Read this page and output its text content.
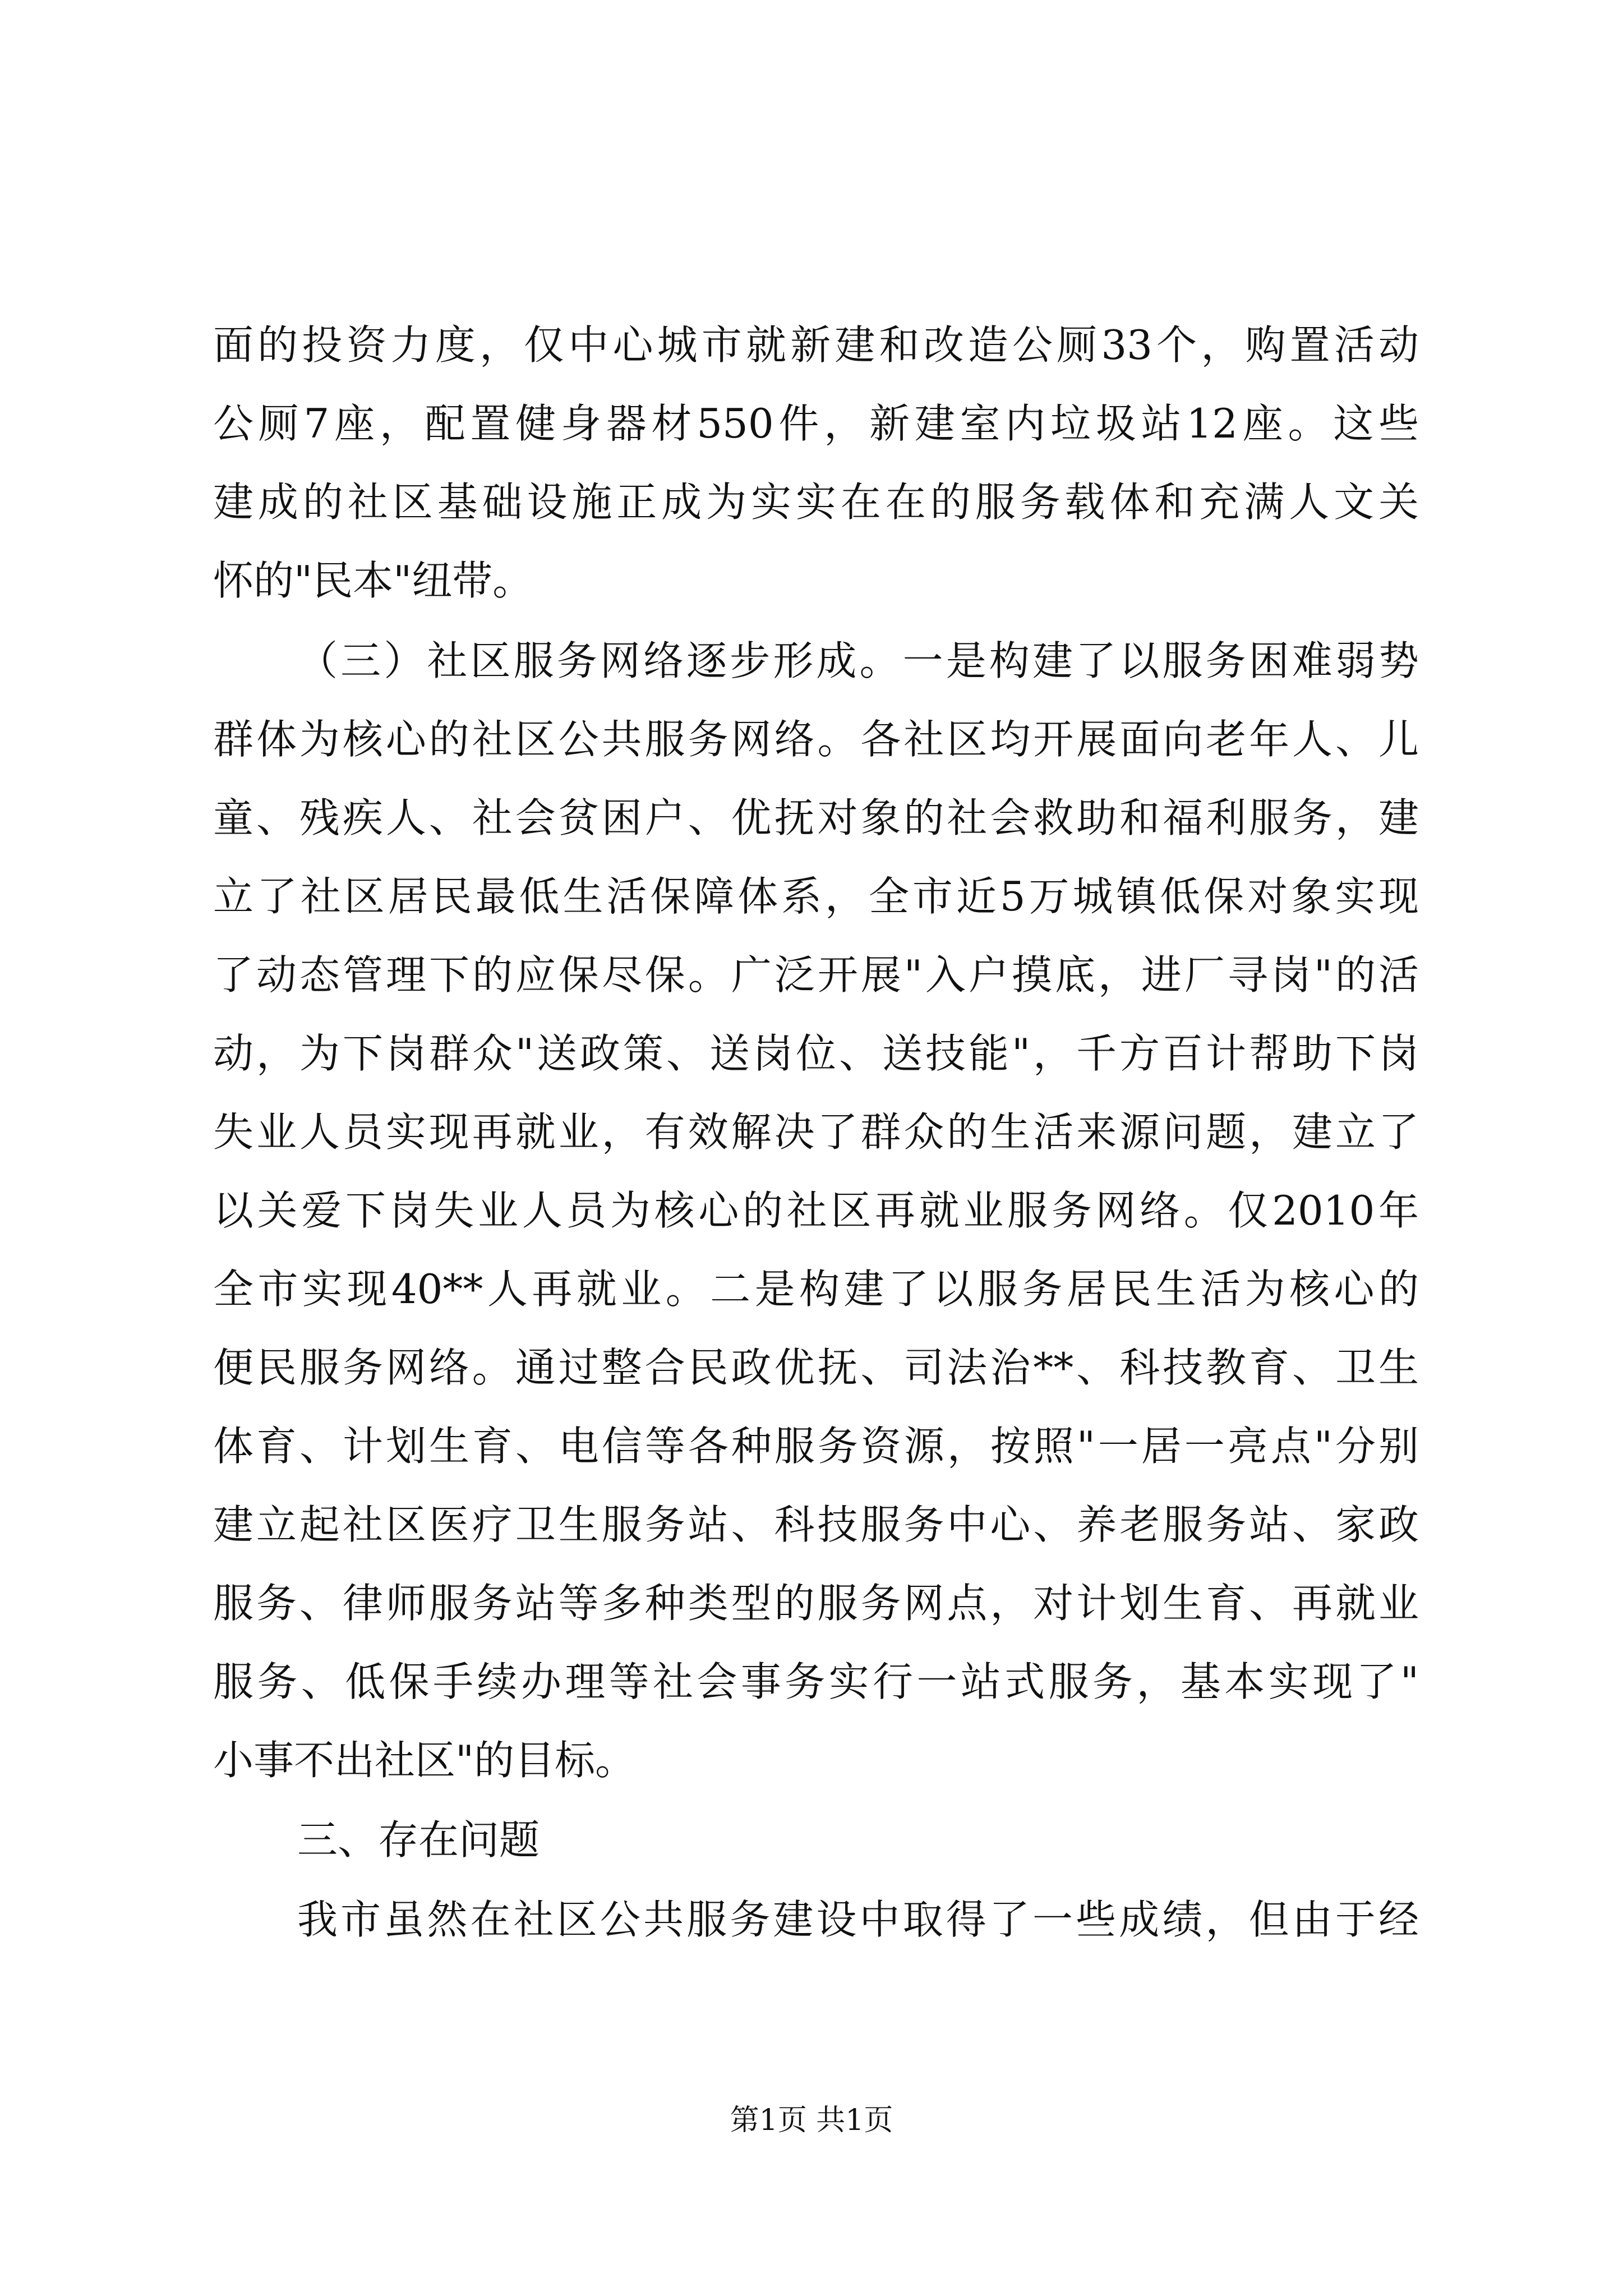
面的投资力度，仅中心城市就新建和改造公厕33个，购置活动
公厕7座，配置健身器材550件，新建室内垃圾站12座。这些
建成的社区基础设施正成为实实在在的服务载体和充满人文关
怀的"民本"纽带。
（三）社区服务网络逐步形成。一是构建了以服务困难弱势
群体为核心的社区公共服务网络。各社区均开展面向老年人、儿
童、残疾人、社会贫困户、优抚对象的社会救助和福利服务，建
立了社区居民最低生活保障体系，全市近5万城镇低保对象实现
了动态管理下的应保尽保。广泛开展"入户摸底，进厂寻岗"的活
动，为下岗群众"送政策、送岗位、送技能"，千方百计帮助下岗
失业人员实现再就业，有效解决了群众的生活来源问题，建立了
以关爱下岗失业人员为核心的社区再就业服务网络。仅2010年
全市实现40**人再就业。二是构建了以服务居民生活为核心的
便民服务网络。通过整合民政优抚、司法治**、科技教育、卫生
体育、计划生育、电信等各种服务资源，按照"一居一亮点"分别
建立起社区医疗卫生服务站、科技服务中心、养老服务站、家政
服务、律师服务站等多种类型的服务网点，对计划生育、再就业
服务、低保手续办理等社会事务实行一站式服务，基本实现了"
小事不出社区"的目标。
三、存在问题
我市虽然在社区公共服务建设中取得了一些成绩，但由于经
第1页 共1页
